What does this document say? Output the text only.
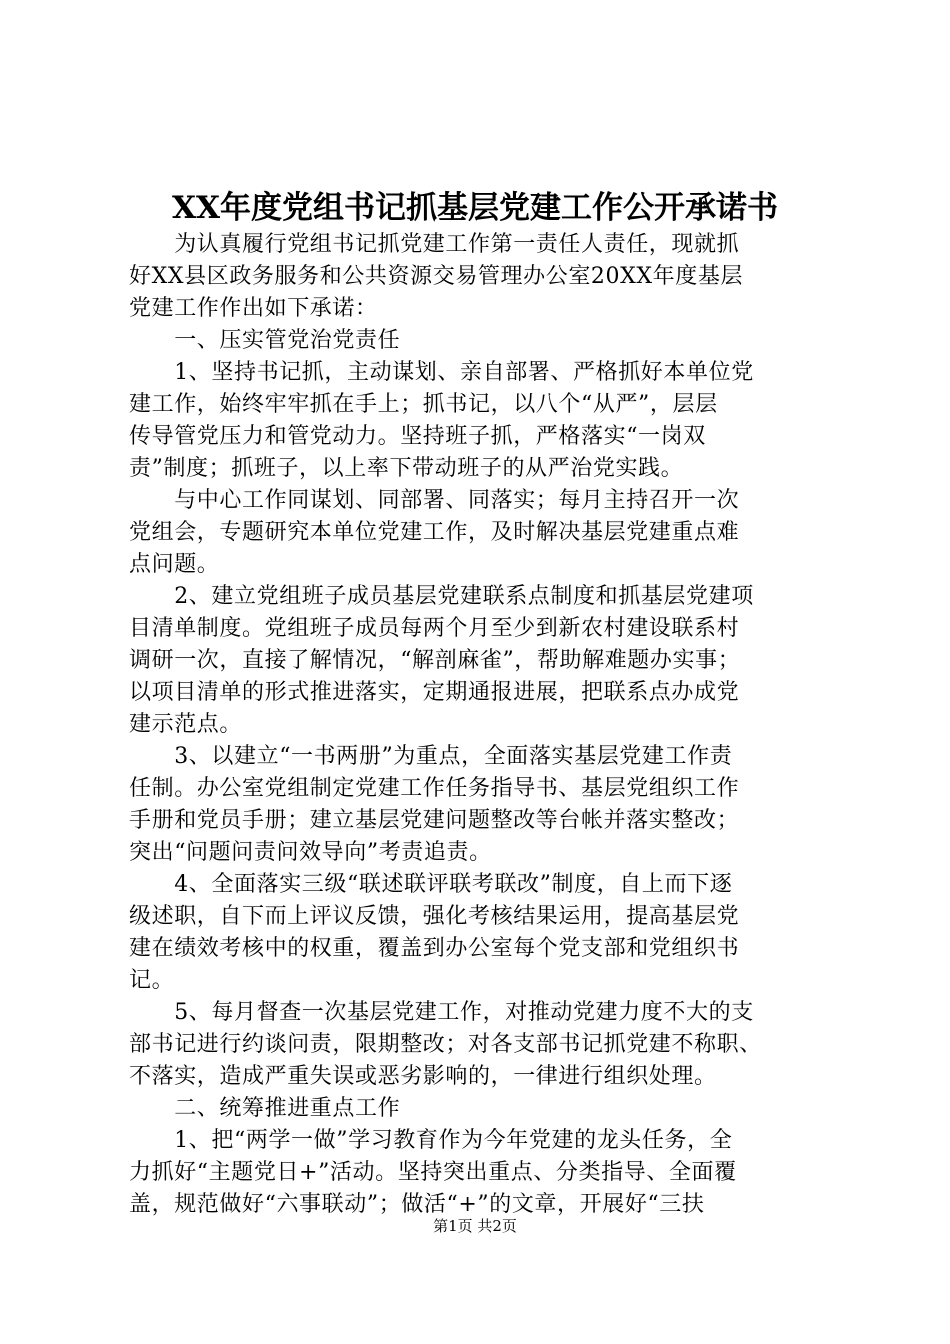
XX年度党组书记抓基层党建工作公开承诺书
　　为认真履行党组书记抓党建工作第一责任人责任，现就抓
好XX县区政务服务和公共资源交易管理办公室20XX年度基层
党建工作作出如下承诺：
　　一、压实管党治党责任
　　1、坚持书记抓，主动谋划、亲自部署、严格抓好本单位党
建工作，始终牢牢抓在手上；抓书记，以八个“从严”，层层
传导管党压力和管党动力。坚持班子抓，严格落实“一岗双
责”制度；抓班子，以上率下带动班子的从严治党实践。
　　与中心工作同谋划、同部署、同落实；每月主持召开一次
党组会，专题研究本单位党建工作，及时解决基层党建重点难
点问题。
　　2、建立党组班子成员基层党建联系点制度和抓基层党建项
目清单制度。党组班子成员每两个月至少到新农村建设联系村
调研一次，直接了解情况，“解剖麻雀”，帮助解难题办实事；
以项目清单的形式推进落实，定期通报进展，把联系点办成党
建示范点。
　　3、以建立“一书两册”为重点，全面落实基层党建工作责
任制。办公室党组制定党建工作任务指导书、基层党组织工作
手册和党员手册；建立基层党建问题整改等台帐并落实整改；
突出“问题问责问效导向”考责追责。
　　4、全面落实三级“联述联评联考联改”制度，自上而下逐
级述职，自下而上评议反馈，强化考核结果运用，提高基层党
建在绩效考核中的权重，覆盖到办公室每个党支部和党组织书
记。
　　5、每月督查一次基层党建工作，对推动党建力度不大的支
部书记进行约谈问责，限期整改；对各支部书记抓党建不称职、
不落实，造成严重失误或恶劣影响的，一律进行组织处理。
　　二、统筹推进重点工作
　　1、把“两学一做”学习教育作为今年党建的龙头任务，全
力抓好“主题党日+”活动。坚持突出重点、分类指导、全面覆
盖，规范做好“六事联动”；做活“+”的文章，开展好“三扶
第1页 共2页
